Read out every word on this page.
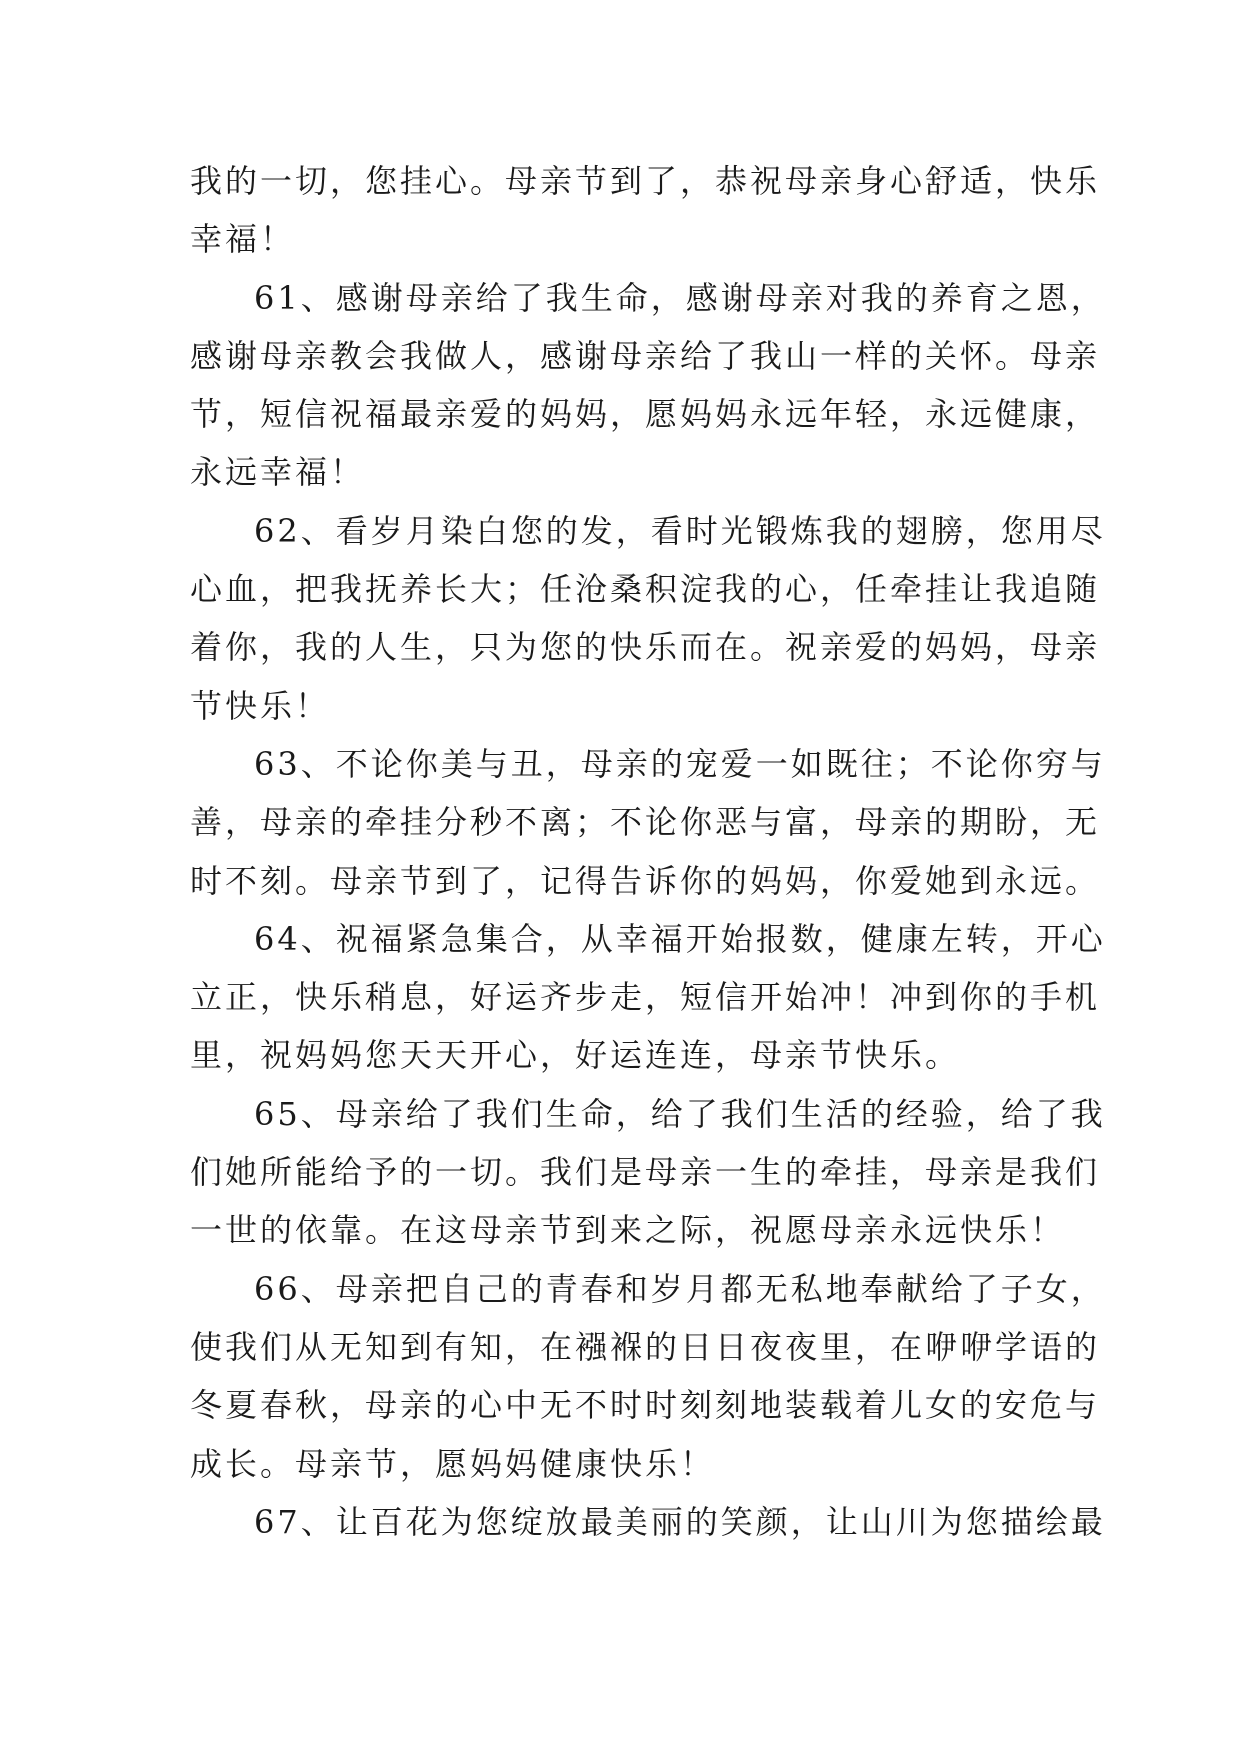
我的一切，您挂心。母亲节到了，恭祝母亲身心舒适，快乐
幸福！
61、感谢母亲给了我生命，感谢母亲对我的养育之恩，
感谢母亲教会我做人，感谢母亲给了我山一样的关怀。母亲
节，短信祝福最亲爱的妈妈，愿妈妈永远年轻，永远健康，
永远幸福！
62、看岁月染白您的发，看时光锻炼我的翅膀，您用尽
心血，把我抚养长大；任沧桑积淀我的心，任牵挂让我追随
着你，我的人生，只为您的快乐而在。祝亲爱的妈妈，母亲
节快乐！
63、不论你美与丑，母亲的宠爱一如既往；不论你穷与
善，母亲的牵挂分秒不离；不论你恶与富，母亲的期盼，无
时不刻。母亲节到了，记得告诉你的妈妈，你爱她到永远。
64、祝福紧急集合，从幸福开始报数，健康左转，开心
立正，快乐稍息，好运齐步走，短信开始冲！冲到你的手机
里，祝妈妈您天天开心，好运连连，母亲节快乐。
65、母亲给了我们生命，给了我们生活的经验，给了我
们她所能给予的一切。我们是母亲一生的牵挂，母亲是我们
一世的依靠。在这母亲节到来之际，祝愿母亲永远快乐！
66、母亲把自己的青春和岁月都无私地奉献给了子女，
使我们从无知到有知，在襁褓的日日夜夜里，在咿咿学语的
冬夏春秋，母亲的心中无不时时刻刻地装载着儿女的安危与
成长。母亲节，愿妈妈健康快乐！
67、让百花为您绽放最美丽的笑颜，让山川为您描绘最
